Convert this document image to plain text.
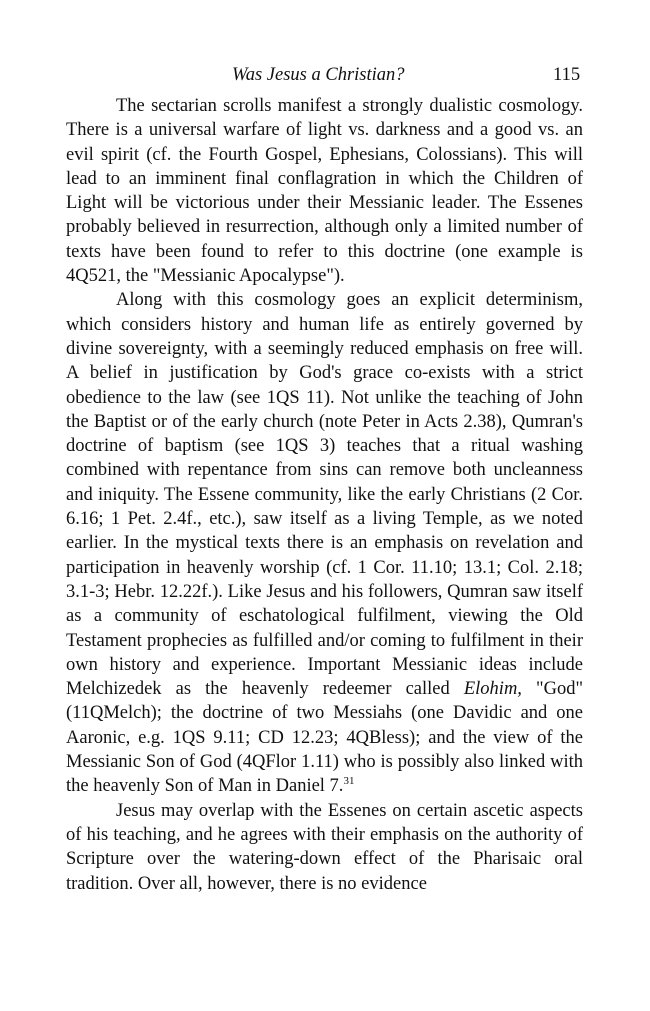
Was Jesus a Christian?	115

The sectarian scrolls manifest a strongly dualistic cosmology. There is a universal warfare of light vs. darkness and a good vs. an evil spirit (cf. the Fourth Gospel, Ephesians, Colossians). This will lead to an imminent final conflagration in which the Children of Light will be victorious under their Messianic leader. The Essenes probably believed in resurrection, although only a limited number of texts have been found to refer to this doctrine (one example is 4Q521, the "Messianic Apocalypse").

Along with this cosmology goes an explicit determinism, which considers history and human life as entirely governed by divine sovereignty, with a seemingly reduced emphasis on free will. A belief in justification by God's grace co-exists with a strict obedience to the law (see 1QS 11). Not unlike the teaching of John the Baptist or of the early church (note Peter in Acts 2.38), Qumran's doctrine of baptism (see 1QS 3) teaches that a ritual washing combined with repentance from sins can remove both uncleanness and iniquity. The Essene community, like the early Christians (2 Cor. 6.16; 1 Pet. 2.4f., etc.), saw itself as a living Temple, as we noted earlier. In the mystical texts there is an emphasis on revelation and participation in heavenly worship (cf. 1 Cor. 11.10; 13.1; Col. 2.18; 3.1-3; Hebr. 12.22f.). Like Jesus and his followers, Qumran saw itself as a community of eschatological fulfilment, viewing the Old Testament prophecies as fulfilled and/or coming to fulfilment in their own history and experience. Important Messianic ideas include Melchizedek as the heavenly redeemer called Elohim, "God" (11QMelch); the doctrine of two Messiahs (one Davidic and one Aaronic, e.g. 1QS 9.11; CD 12.23; 4QBless); and the view of the Messianic Son of God (4QFlor 1.11) who is possibly also linked with the heavenly Son of Man in Daniel 7.31

Jesus may overlap with the Essenes on certain ascetic aspects of his teaching, and he agrees with their emphasis on the authority of Scripture over the watering-down effect of the Pharisaic oral tradition. Over all, however, there is no evidence
